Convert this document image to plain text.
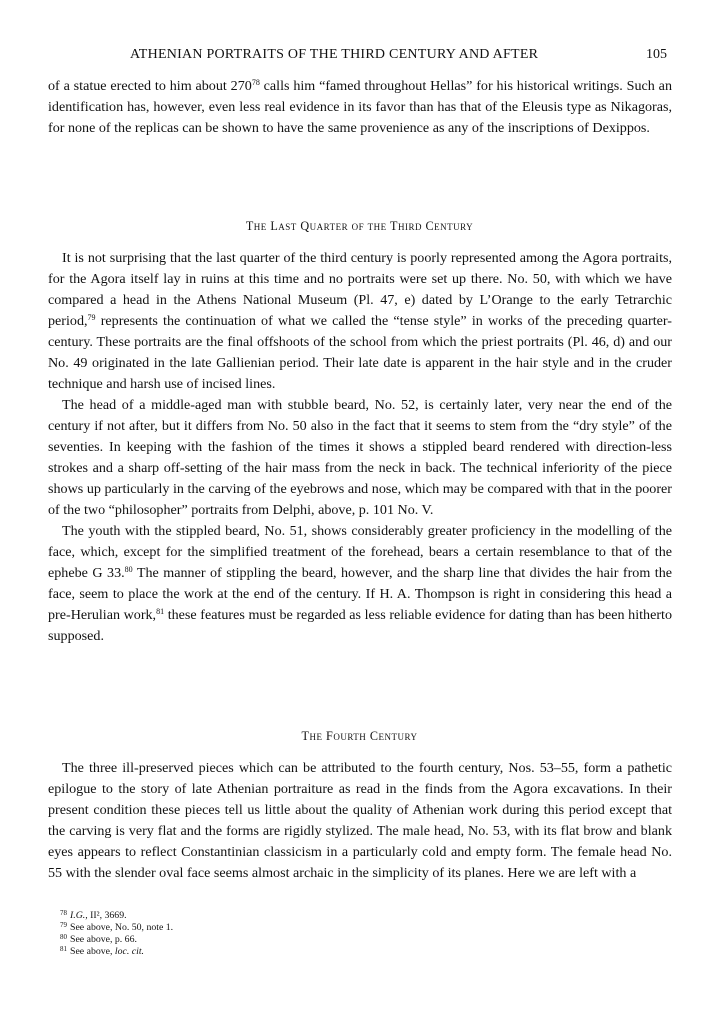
ATHENIAN PORTRAITS OF THE THIRD CENTURY AND AFTER	105

of a statue erected to him about $270^{78}$ calls him “famed throughout Hellas” for his historical writings. Such an identification has, however, even less real evidence in its favor than has that of the Eleusis type as Nikagoras, for none of the replicas can be shown to have the same provenience as any of the inscriptions of Dexippos.

The Last Quarter of the Third Century

It is not surprising that the last quarter of the third century is poorly represented among the Agora portraits, for the Agora itself lay in ruins at this time and no portraits were set up there. No. 50, with which we have compared a head in the Athens National Museum (Pl. 47, e) dated by L’Orange to the early Tetrarchic period,$^{79}$ represents the continuation of what we called the “tense style” in works of the preceding quarter-century. These portraits are the final offshoots of the school from which the priest portraits (Pl. 46, d) and our No. 49 originated in the late Gallienian period. Their late date is apparent in the hair style and in the cruder technique and harsh use of incised lines.

The head of a middle-aged man with stubble beard, No. 52, is certainly later, very near the end of the century if not after, but it differs from No. 50 also in the fact that it seems to stem from the “dry style” of the seventies. In keeping with the fashion of the times it shows a stippled beard rendered with direction-less strokes and a sharp off-setting of the hair mass from the neck in back. The technical inferiority of the piece shows up particularly in the carving of the eyebrows and nose, which may be compared with that in the poorer of the two “philosopher” portraits from Delphi, above, p. 101 No. V.

The youth with the stippled beard, No. 51, shows considerably greater proficiency in the modelling of the face, which, except for the simplified treatment of the forehead, bears a certain resemblance to that of the ephebe G 33.80 The manner of stippling the beard, however, and the sharp line that divides the hair from the face, seem to place the work at the end of the century. If H. A. Thompson is right in considering this head a pre-Herulian work,$^{81}$ these features must be regarded as less reliable evidence for dating than has been hitherto supposed.

The Fourth Century

The three ill-preserved pieces which can be attributed to the fourth century, Nos. 53–55, form a pathetic epilogue to the story of late Athenian portraiture as read in the finds from the Agora excavations. In their present condition these pieces tell us little about the quality of Athenian work during this period except that the carving is very flat and the forms are rigidly stylized. The male head, No. 53, with its flat brow and blank eyes appears to reflect Constantinian classicism in a particularly cold and empty form. The female head No. 55 with the slender oval face seems almost archaic in the simplicity of its planes. Here we are left with a

$^{78}$ I.G., II², 3669.
$^{79}$ See above, No. 50, note 1.
$^{80}$ See above, p. 66.
$^{81}$ See above, loc. cit.
